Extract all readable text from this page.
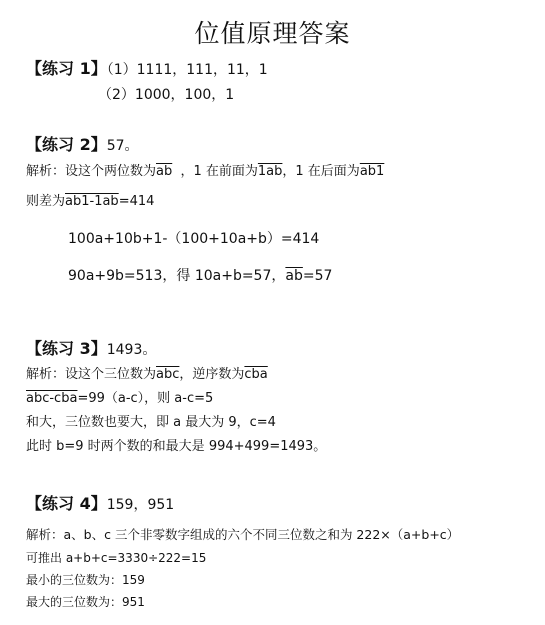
位值原理答案
【练习 1】（1）1111，111，11，1
（2）1000，100，1
【练习 2】57。
解析：设这个两位数为$\overline{ab}$ ，1 在前面为1ab，1 在后面为ab1
则差为ab1-1ab=414
100a+10b+1-（100+10a+b）=414
90a+9b=513，得 10a+b=57，$\overline{ab}=57$
【练习 3】1493。
解析：设这个三位数为$\overline{abc}$，逆序数为$\overline{cba}$
abc-cba=99（a-c），则 a-c=5
和大，三位数也要大，即 a 最大为 9，c=4
此时 b=9 时两个数的和最大是 994+499=1493。
【练习 4】159，951
解析：a、b、c 三个非零数字组成的六个不同三位数之和为 222×（a+b+c）
可推出 a+b+c=3330÷222=15
最小的三位数为：159
最大的三位数为：951
